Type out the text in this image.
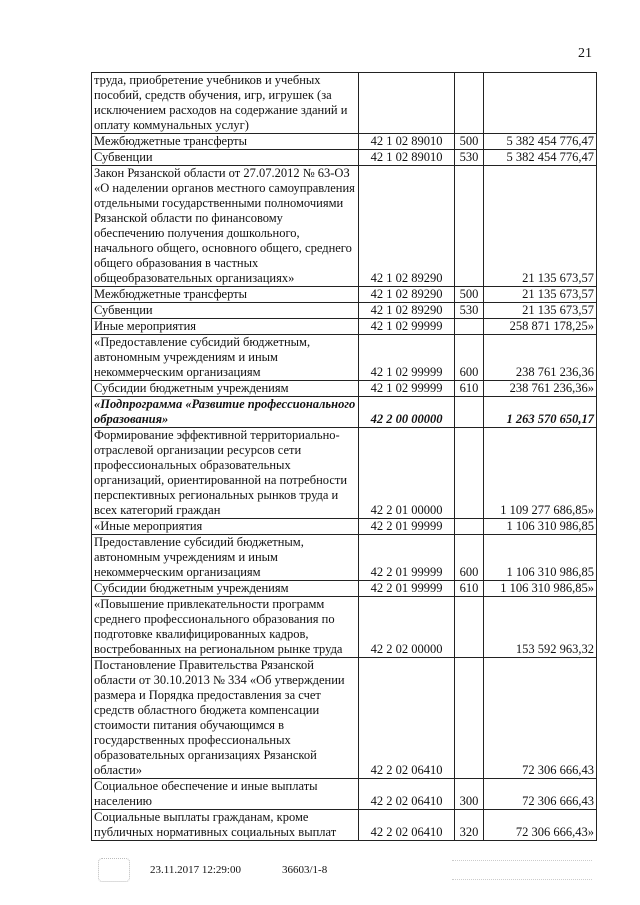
21
труда, приобретение учебников и учебных пособий, средств обучения, игр, игрушек (за исключением расходов на содержание зданий и оплату коммунальных услуг)			
Межбюджетные трансферты	42 1 02 89010	500	5 382 454 776,47
Субвенции	42 1 02 89010	530	5 382 454 776,47
Закон Рязанской области от 27.07.2012 № 63-ОЗ «О наделении органов местного самоуправления отдельными государственными полномочиями Рязанской области по финансовому обеспечению получения дошкольного, начального общего, основного общего, среднего общего образования в частных общеобразовательных организациях»	42 1 02 89290		21 135 673,57
Межбюджетные трансферты	42 1 02 89290	500	21 135 673,57
Субвенции	42 1 02 89290	530	21 135 673,57
Иные мероприятия	42 1 02 99999		258 871 178,25»
«Предоставление субсидий бюджетным, автономным учреждениям и иным некоммерческим организациям	42 1 02 99999	600	238 761 236,36
Субсидии бюджетным учреждениям	42 1 02 99999	610	238 761 236,36»
«Подпрограмма «Развитие профессионального образования»	42 2 00 00000		1 263 570 650,17
Формирование эффективной территориально-отраслевой организации ресурсов сети профессиональных образовательных организаций, ориентированной на потребности перспективных региональных рынков труда и всех категорий граждан	42 2 01 00000		1 109 277 686,85»
«Иные мероприятия	42 2 01 99999		1 106 310 986,85
Предоставление субсидий бюджетным, автономным учреждениям и иным некоммерческим организациям	42 2 01 99999	600	1 106 310 986,85
Субсидии бюджетным учреждениям	42 2 01 99999	610	1 106 310 986,85»
«Повышение привлекательности программ среднего профессионального образования по подготовке квалифицированных кадров, востребованных на региональном рынке труда	42 2 02 00000		153 592 963,32
Постановление Правительства Рязанской области от 30.10.2013 № 334 «Об утверждении размера и Порядка предоставления за счет средств областного бюджета компенсации стоимости питания обучающимся в государственных профессиональных образовательных организациях Рязанской области»	42 2 02 06410		72 306 666,43
Социальное обеспечение и иные выплаты населению	42 2 02 06410	300	72 306 666,43
Социальные выплаты гражданам, кроме публичных нормативных социальных выплат	42 2 02 06410	320	72 306 666,43»
23.11.2017 12:29:00	36603/1-8
